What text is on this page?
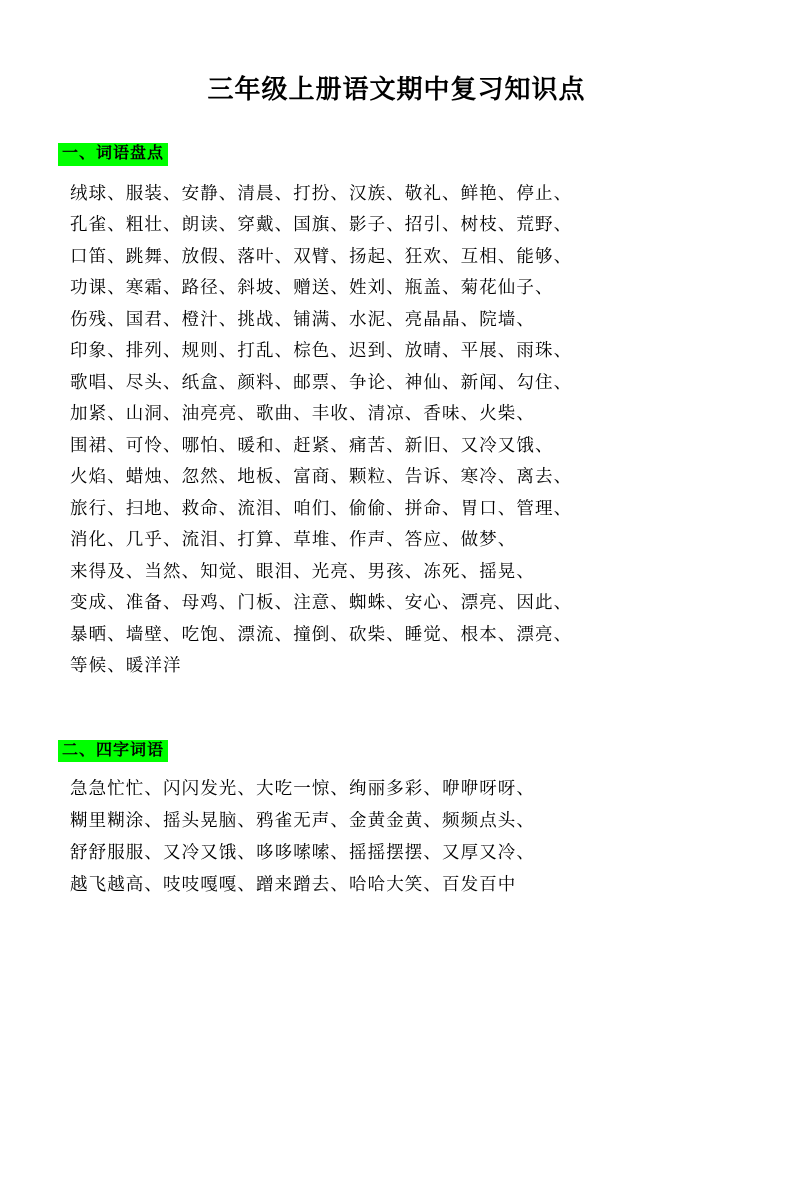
三年级上册语文期中复习知识点
一、词语盘点
绒球、服装、安静、清晨、打扮、汉族、敬礼、鲜艳、停止、
孔雀、粗壮、朗读、穿戴、国旗、影子、招引、树枝、荒野、
口笛、跳舞、放假、落叶、双臂、扬起、狂欢、互相、能够、
功课、寒霜、路径、斜坡、赠送、姓刘、瓶盖、菊花仙子、
伤残、国君、橙汁、挑战、铺满、水泥、亮晶晶、院墙、
印象、排列、规则、打乱、棕色、迟到、放晴、平展、雨珠、
歌唱、尽头、纸盒、颜料、邮票、争论、神仙、新闻、勾住、
加紧、山洞、油亮亮、歌曲、丰收、清凉、香味、火柴、
围裙、可怜、哪怕、暖和、赶紧、痛苦、新旧、又冷又饿、
火焰、蜡烛、忽然、地板、富商、颗粒、告诉、寒冷、离去、
旅行、扫地、救命、流泪、咱们、偷偷、拼命、胃口、管理、
消化、几乎、流泪、打算、草堆、作声、答应、做梦、
来得及、当然、知觉、眼泪、光亮、男孩、冻死、摇晃、
变成、准备、母鸡、门板、注意、蜘蛛、安心、漂亮、因此、
暴晒、墙壁、吃饱、漂流、撞倒、砍柴、睡觉、根本、漂亮、
等候、暖洋洋
二、四字词语
急急忙忙、闪闪发光、大吃一惊、绚丽多彩、咿咿呀呀、
糊里糊涂、摇头晃脑、鸦雀无声、金黄金黄、频频点头、
舒舒服服、又冷又饿、哆哆嗦嗦、摇摇摆摆、又厚又冷、
越飞越高、吱吱嘎嘎、蹭来蹭去、哈哈大笑、百发百中
